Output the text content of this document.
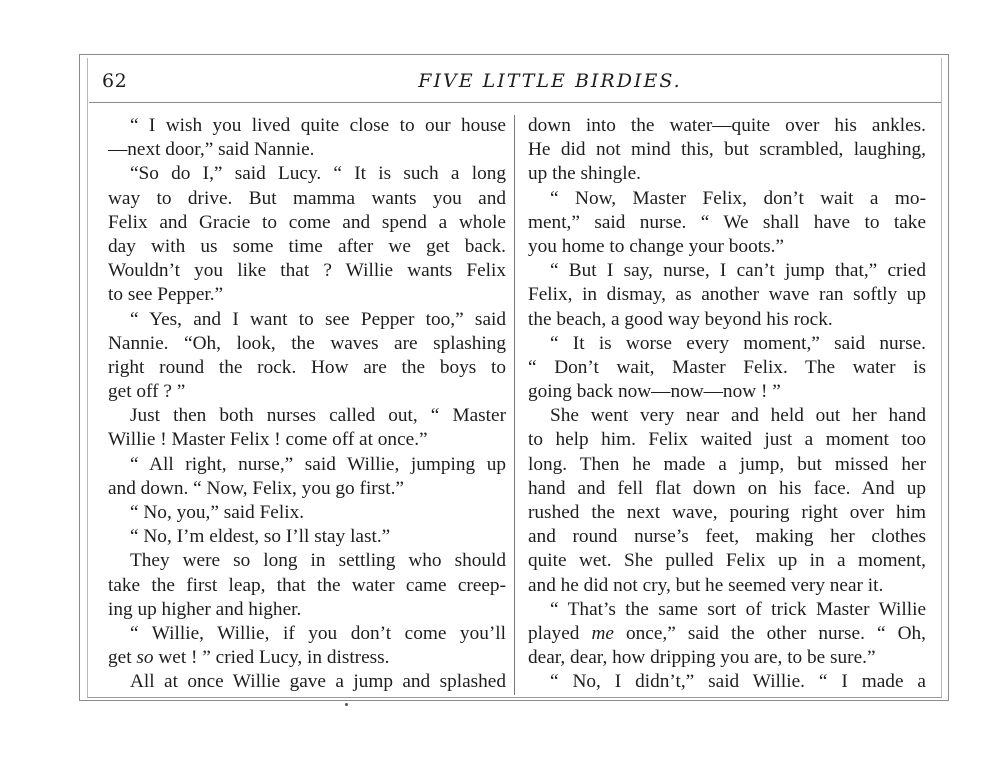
62	FIVE LITTLE BIRDIES.
“ I wish you lived quite close to our house
—next door,” said Nannie.
“So do I,” said Lucy. “ It is such a long
way to drive. But mamma wants you and
Felix and Gracie to come and spend a whole
day with us some time after we get back.
Wouldn’t you like that ? Willie wants Felix
to see Pepper.”
“ Yes, and I want to see Pepper too,” said
Nannie. “Oh, look, the waves are splashing
right round the rock. How are the boys to
get off ? ”
Just then both nurses called out, “ Master
Willie ! Master Felix ! come off at once.”
“ All right, nurse,” said Willie, jumping up
and down. “ Now, Felix, you go first.”
“ No, you,” said Felix.
“ No, I’m eldest, so I’ll stay last.”
They were so long in settling who should
take the first leap, that the water came creep-
ing up higher and higher.
“ Willie, Willie, if you don’t come you’ll
get so wet ! ” cried Lucy, in distress.
All at once Willie gave a jump and splashed
down into the water—quite over his ankles.
He did not mind this, but scrambled, laughing,
up the shingle.
“ Now, Master Felix, don’t wait a mo-
ment,” said nurse. “ We shall have to take
you home to change your boots.”
“ But I say, nurse, I can’t jump that,” cried
Felix, in dismay, as another wave ran softly up
the beach, a good way beyond his rock.
“ It is worse every moment,” said nurse.
“ Don’t wait, Master Felix. The water is
going back now—now—now ! ”
She went very near and held out her hand
to help him. Felix waited just a moment too
long. Then he made a jump, but missed her
hand and fell flat down on his face. And up
rushed the next wave, pouring right over him
and round nurse’s feet, making her clothes
quite wet. She pulled Felix up in a moment,
and he did not cry, but he seemed very near it.
“ That’s the same sort of trick Master Willie
played me once,” said the other nurse. “ Oh,
dear, dear, how dripping you are, to be sure.”
“ No, I didn’t,” said Willie. “ I made a
